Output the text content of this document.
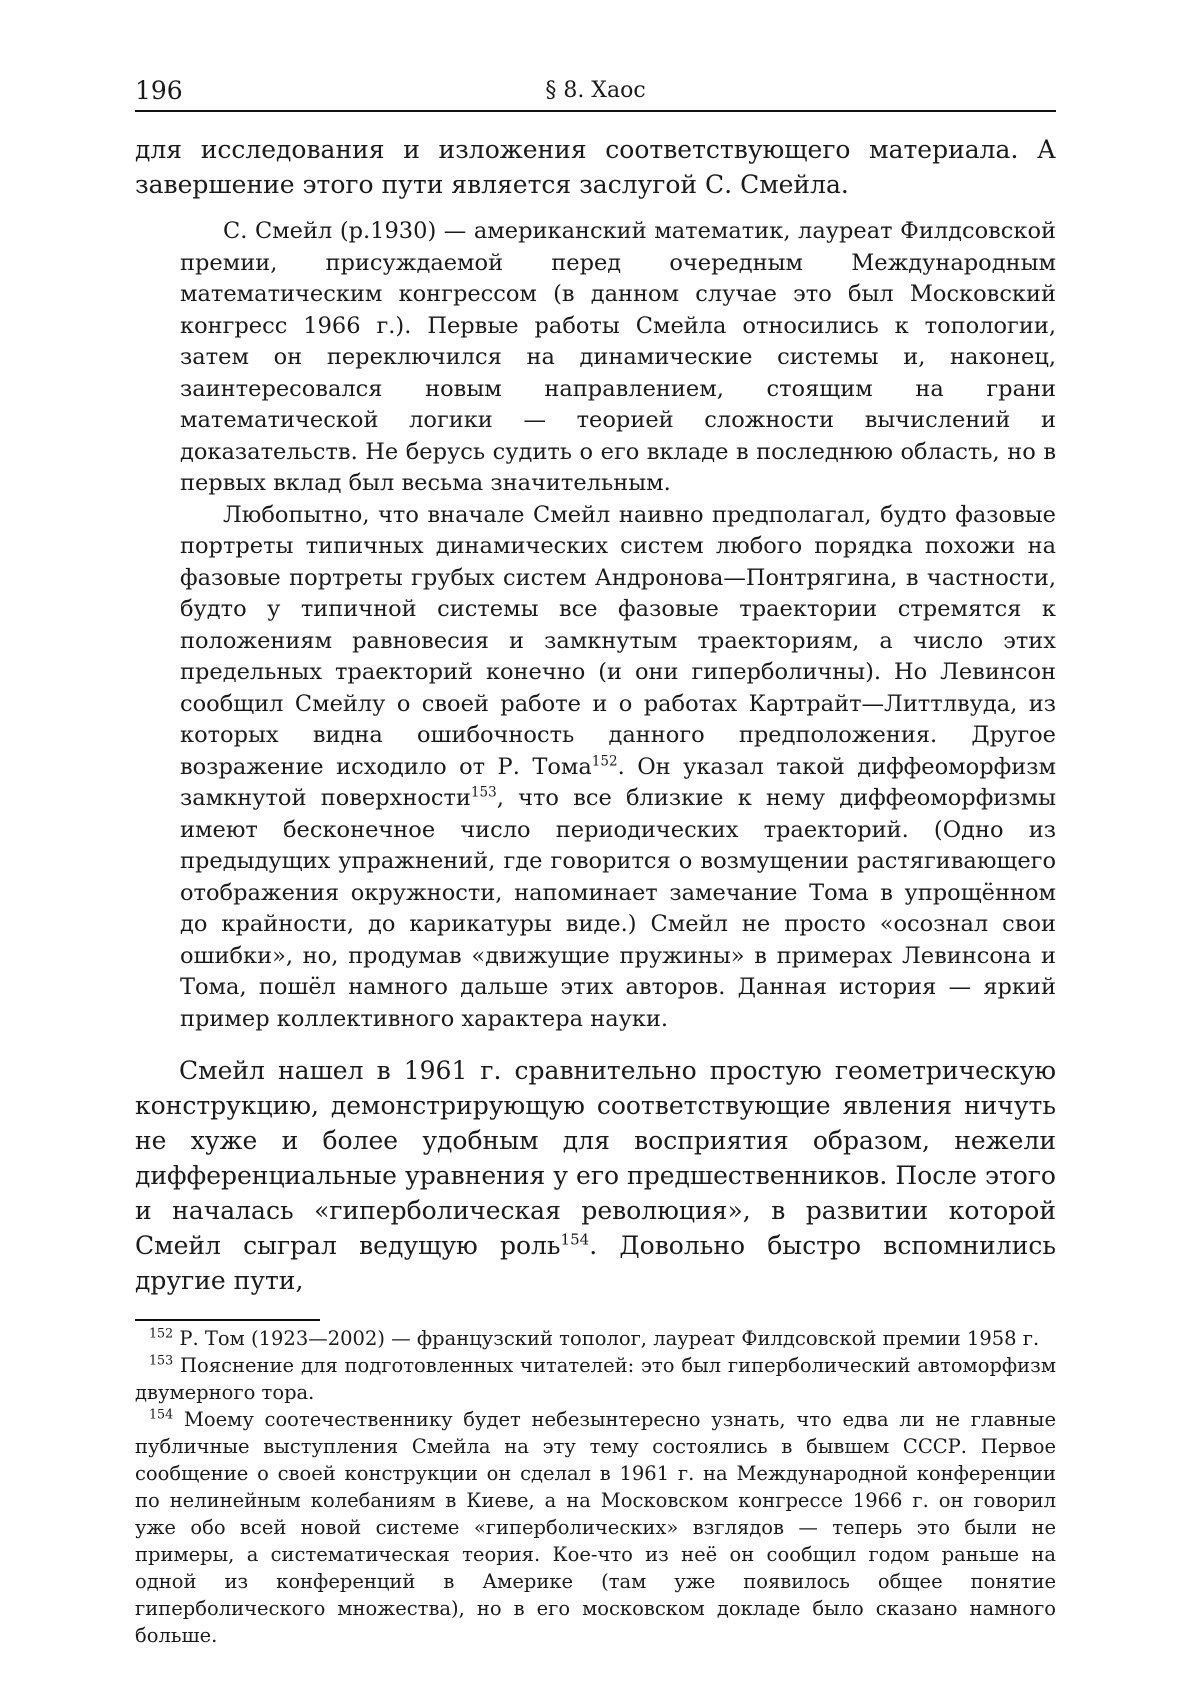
196	§ 8. Хаос

для исследования и изложения соответствующего материала. А завершение этого пути является заслугой С. Смейла.

С. Смейл (р.1930) — американский математик, лауреат Филдсовской премии, присуждаемой перед очередным Международным математическим конгрессом (в данном случае это был Московский конгресс 1966 г.). Первые работы Смейла относились к топологии, затем он переключился на динамические системы и, наконец, заинтересовался новым направлением, стоящим на грани математической логики — теорией сложности вычислений и доказательств. Не берусь судить о его вкладе в последнюю область, но в первых вклад был весьма значительным.

Любопытно, что вначале Смейл наивно предполагал, будто фазовые портреты типичных динамических систем любого порядка похожи на фазовые портреты грубых систем Андронова—Понтрягина, в частности, будто у типичной системы все фазовые траектории стремятся к положениям равновесия и замкнутым траекториям, а число этих предельных траекторий конечно (и они гиперболичны). Но Левинсон сообщил Смейлу о своей работе и о работах Картрайт—Литтлвуда, из которых видна ошибочность данного предположения. Другое возражение исходило от Р. Тома$^{152}$. Он указал такой диффеоморфизм замкнутой поверхности$^{153}$, что все близкие к нему диффеоморфизмы имеют бесконечное число периодических траекторий. (Одно из предыдущих упражнений, где говорится о возмущении растягивающего отображения окружности, напоминает замечание Тома в упрощённом до крайности, до карикатуры виде.) Смейл не просто «осознал свои ошибки», но, продумав «движущие пружины» в примерах Левинсона и Тома, пошёл намного дальше этих авторов. Данная история — яркий пример коллективного характера науки.

Смейл нашел в 1961 г. сравнительно простую геометрическую конструкцию, демонстрирующую соответствующие явления ничуть не хуже и более удобным для восприятия образом, нежели дифференциальные уравнения у его предшественников. После этого и началась «гиперболическая революция», в развитии которой Смейл сыграл ведущую роль$^{154}$. Довольно быстро вспомнились другие пути,

$^{152}$ Р. Том (1923—2002) — французский тополог, лауреат Филдсовской премии 1958 г.

$^{153}$ Пояснение для подготовленных читателей: это был гиперболический автоморфизм двумерного тора.

$^{154}$ Моему соотечественнику будет небезынтересно узнать, что едва ли не главные публичные выступления Смейла на эту тему состоялись в бывшем СССР. Первое сообщение о своей конструкции он сделал в 1961 г. на Международной конференции по нелинейным колебаниям в Киеве, а на Московском конгрессе 1966 г. он говорил уже обо всей новой системе «гиперболических» взглядов — теперь это были не примеры, а систематическая теория. Кое-что из неё он сообщил годом раньше на одной из конференций в Америке (там уже появилось общее понятие гиперболического множества), но в его московском докладе было сказано намного больше.
